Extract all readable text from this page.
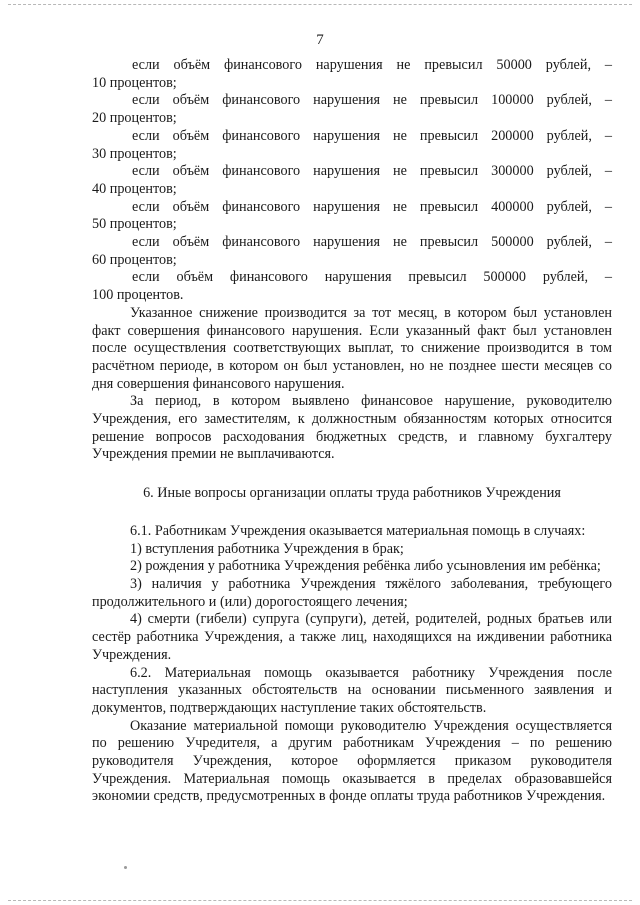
7

если объём финансового нарушения не превысил 50000 рублей, –

10 процентов;

если объём финансового нарушения не превысил 100000 рублей, –

20 процентов;

если объём финансового нарушения не превысил 200000 рублей, –

30 процентов;

если объём финансового нарушения не превысил 300000 рублей, –

40 процентов;

если объём финансового нарушения не превысил 400000 рублей, –

50 процентов;

если объём финансового нарушения не превысил 500000 рублей, –

60 процентов;

если объём финансового нарушения превысил 500000 рублей, –

100 процентов.

Указанное снижение производится за тот месяц, в котором был установлен факт совершения финансового нарушения. Если указанный факт был установлен после осуществления соответствующих выплат, то снижение производится в том расчётном периоде, в котором он был установлен, но не позднее шести месяцев со дня совершения финансового нарушения.

За период, в котором выявлено финансовое нарушение, руководителю Учреждения, его заместителям, к должностным обязанностям которых относится решение вопросов расходования бюджетных средств, и главному бухгалтеру Учреждения премии не выплачиваются.

6. Иные вопросы организации оплаты труда работников Учреждения

6.1. Работникам Учреждения оказывается материальная помощь в случаях:

1) вступления работника Учреждения в брак;

2) рождения у работника Учреждения ребёнка либо усыновления им ребёнка;

3) наличия у работника Учреждения тяжёлого заболевания, требующего продолжительного и (или) дорогостоящего лечения;

4) смерти (гибели) супруга (супруги), детей, родителей, родных братьев или сестёр работника Учреждения, а также лиц, находящихся на иждивении работника Учреждения.

6.2. Материальная помощь оказывается работнику Учреждения после наступления указанных обстоятельств на основании письменного заявления и документов, подтверждающих наступление таких обстоятельств.

Оказание материальной помощи руководителю Учреждения осуществляется по решению Учредителя, а другим работникам Учреждения – по решению руководителя Учреждения, которое оформляется приказом руководителя Учреждения. Материальная помощь оказывается в пределах образовавшейся экономии средств, предусмотренных в фонде оплаты труда работников Учреждения.
